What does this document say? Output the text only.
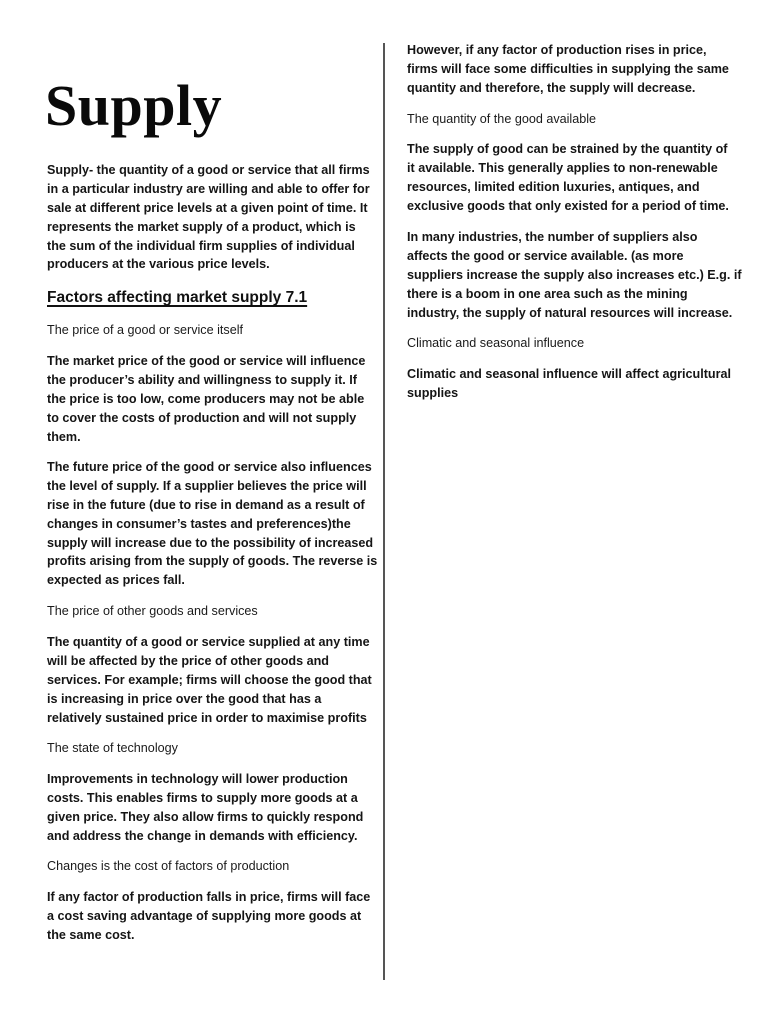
Supply

Supply- the quantity of a good or service that all firms
in a particular industry are willing and able to offer for
sale at different price levels at a given point of time. It
represents the market supply of a product, which is
the sum of the individual firm supplies of individual
producers at the various price levels.

Factors affecting market supply 7.1

The price of a good or service itself

The market price of the good or service will influence
the producer’s ability and willingness to supply it. If
the price is too low, come producers may not be able
to cover the costs of production and will not supply
them.

The future price of the good or service also influences
the level of supply. If a supplier believes the price will
rise in the future (due to rise in demand as a result of
changes in consumer’s tastes and preferences)the
supply will increase due to the possibility of increased
profits arising from the supply of goods. The reverse is
expected as prices fall.

The price of other goods and services

The quantity of a good or service supplied at any time
will be affected by the price of other goods and
services. For example; firms will choose the good that
is increasing in price over the good that has a
relatively sustained price in order to maximise profits

The state of technology

Improvements in technology will lower production
costs. This enables firms to supply more goods at a
given price. They also allow firms to quickly respond
and address the change in demands with efficiency.

Changes is the cost of factors of production

If any factor of production falls in price, firms will face
a cost saving advantage of supplying more goods at
the same cost.

However, if any factor of production rises in price,
firms will face some difficulties in supplying the same
quantity and therefore, the supply will decrease.

The quantity of the good available

The supply of good can be strained by the quantity of
it available. This generally applies to non-renewable
resources, limited edition luxuries, antiques, and
exclusive goods that only existed for a period of time.

In many industries, the number of suppliers also
affects the good or service available. (as more
suppliers increase the supply also increases etc.) E.g. if
there is a boom in one area such as the mining
industry, the supply of natural resources will increase.

Climatic and seasonal influence

Climatic and seasonal influence will affect agricultural
supplies
